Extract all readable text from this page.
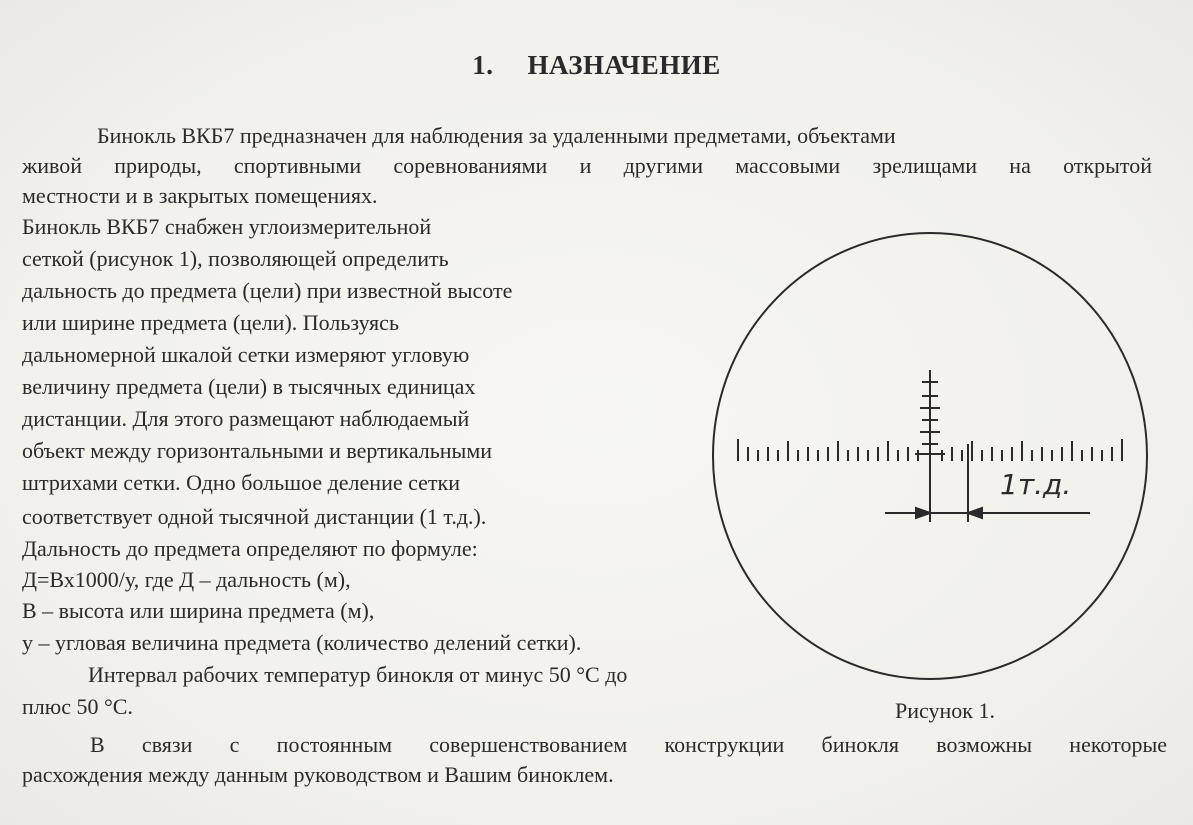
1. НАЗНАЧЕНИЕ
Бинокль ВКБ7 предназначен для наблюдения за удаленными предметами, объектами
живой природы, спортивными соревнованиями и другими массовыми зрелищами на открытой
местности и в закрытых помещениях.
Бинокль ВКБ7 снабжен углоизмерительной
сеткой (рисунок 1), позволяющей определить
дальность до предмета (цели) при известной высоте
или ширине предмета (цели). Пользуясь
дальномерной шкалой сетки измеряют угловую
величину предмета (цели) в тысячных единицах
дистанции. Для этого размещают наблюдаемый
объект между горизонтальными и вертикальными
штрихами сетки. Одно большое деление сетки
соответствует одной тысячной дистанции (1 т.д.).
Дальность до предмета определяют по формуле:
Д=Вх1000/у, где Д – дальность (м),
В – высота или ширина предмета (м),
у – угловая величина предмета (количество делений сетки).
Интервал рабочих температур бинокля от минус 50 °С до
плюс 50 °С.
В связи с постоянным совершенствованием конструкции бинокля возможны некоторые
расхождения между данным руководством и Вашим биноклем.
1т.д.
Рисунок 1.
